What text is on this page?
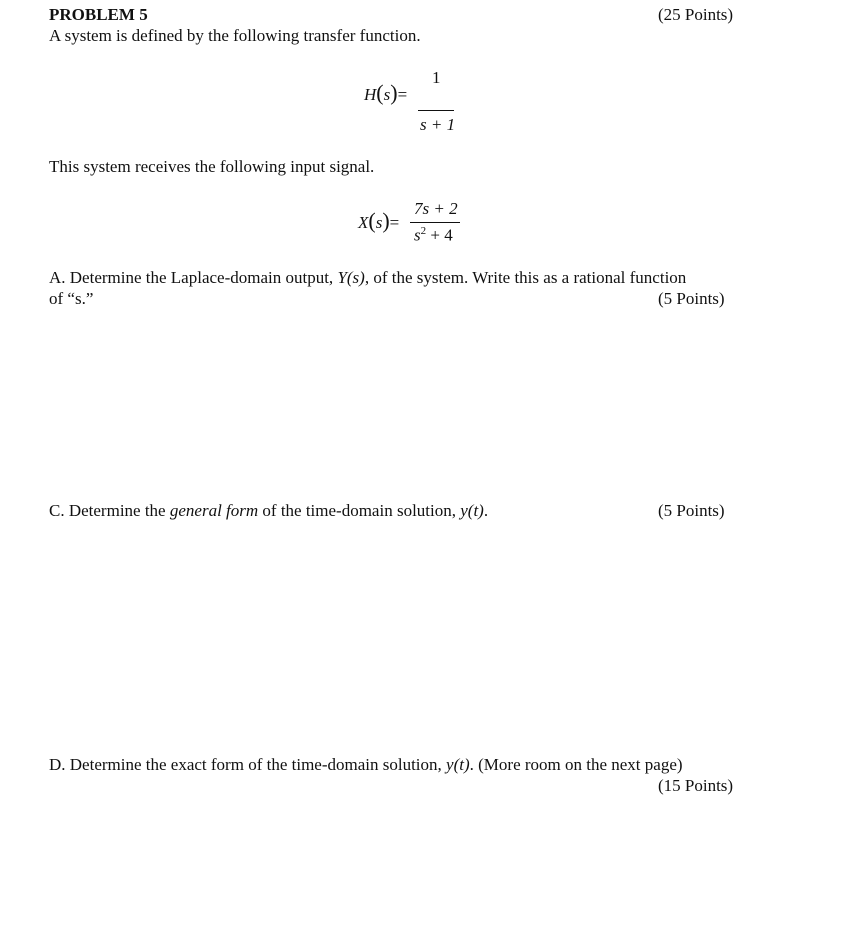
PROBLEM 5	(25 Points)
A system is defined by the following transfer function.
H(s)=
1
s + 1
This system receives the following input signal.
X(s)=
7s + 2
$s^2 + 4$
A. Determine the Laplace-domain output, Y(s), of the system. Write this as a rational function
of “s.”	(5 Points)
C. Determine the general form of the time-domain solution, y(t).	(5 Points)
D. Determine the exact form of the time-domain solution, y(t). (More room on the next page)
(15 Points)
